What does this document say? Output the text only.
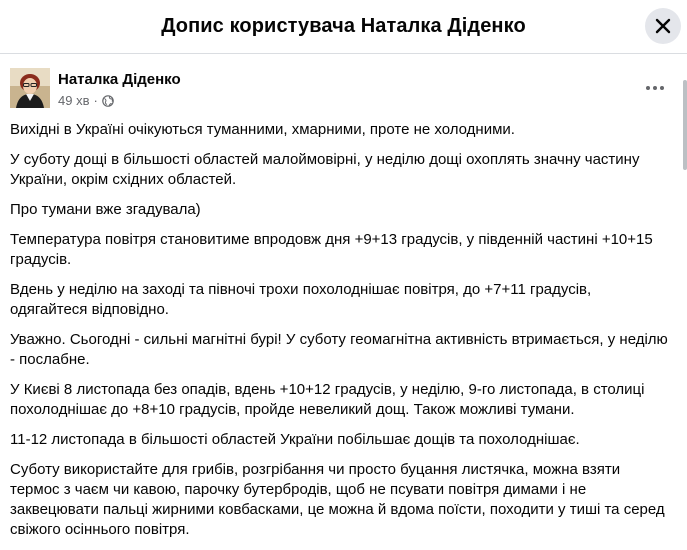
Допис користувача Наталка Діденко
Наталка Діденко
49 хв ·

Вихідні в Україні очікуються туманними, хмарними, проте не холодними.

У суботу дощі в більшості областей малоймовірні, у неділю дощі охоплять значну частину України, окрім східних областей.

Про тумани вже згадувала)

Температура повітря становитиме впродовж дня +9+13 градусів, у південній частині +10+15 градусів.

Вдень у неділю на заході та півночі трохи похолоднішає повітря, до +7+11 градусів, одягайтеся відповідно.

Уважно. Сьогодні - сильні магнітні бурі! У суботу геомагнітна активність втримається, у неділю - послабне.

У Києві 8 листопада без опадів, вдень +10+12 градусів, у неділю, 9-го листопада, в столиці похолоднішає до +8+10 градусів, пройде невеликий дощ. Також можливі тумани.

11-12 листопада в більшості областей України побільшає дощів та похолоднішає.

Суботу використайте для грибів, розгрібання чи просто буцання листячка, можна взяти термос з чаєм чи кавою, парочку бутербродів, щоб не псувати повітря димами і не заквецювати пальці жирними ковбасками, це можна й вдома поїсти, походити у тиші та серед свіжого осіннього повітря.
